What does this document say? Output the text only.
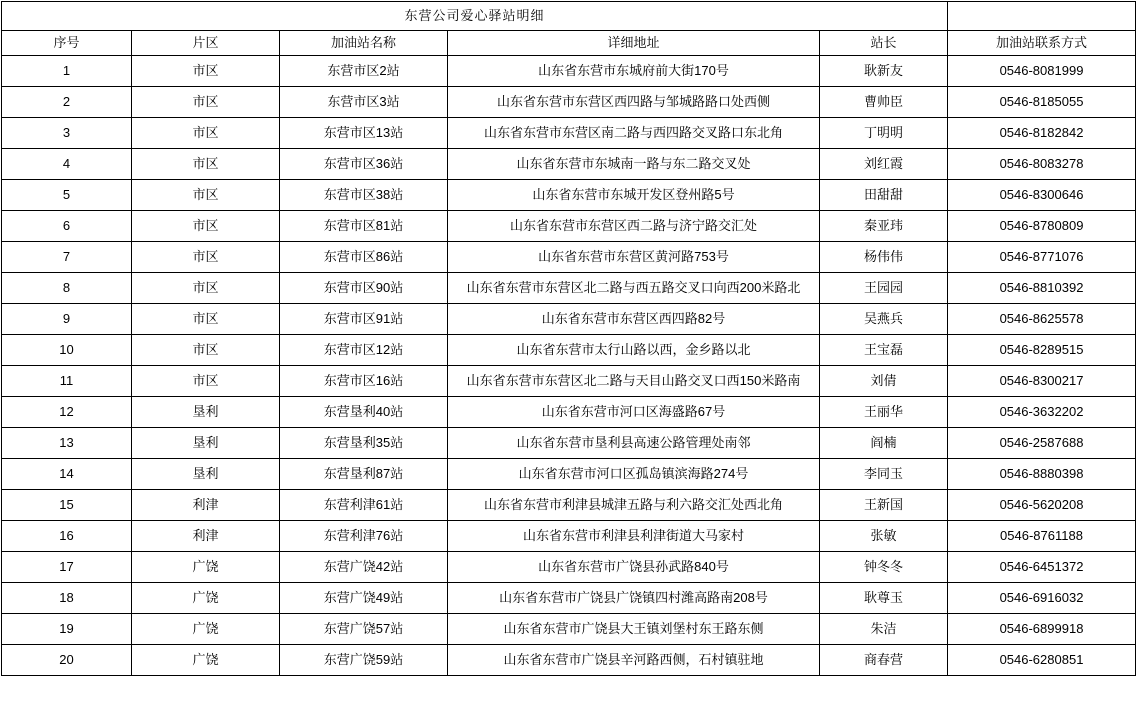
东营公司爱心驿站明细					
序号	片区	加油站名称	详细地址	站长	加油站联系方式
1	市区	东营市区2站	山东省东营市东城府前大街170号	耿新友	0546-8081999
2	市区	东营市区3站	山东省东营市东营区西四路与邹城路路口处西侧	曹帅臣	0546-8185055
3	市区	东营市区13站	山东省东营市东营区南二路与西四路交叉路口东北角	丁明明	0546-8182842
4	市区	东营市区36站	山东省东营市东城南一路与东二路交叉处	刘红霞	0546-8083278
5	市区	东营市区38站	山东省东营市东城开发区登州路5号	田甜甜	0546-8300646
6	市区	东营市区81站	山东省东营市东营区西二路与济宁路交汇处	秦亚玮	0546-8780809
7	市区	东营市区86站	山东省东营市东营区黄河路753号	杨伟伟	0546-8771076
8	市区	东营市区90站	山东省东营市东营区北二路与西五路交叉口向西200米路北	王园园	0546-8810392
9	市区	东营市区91站	山东省东营市东营区西四路82号	吴燕兵	0546-8625578
10	市区	东营市区12站	山东省东营市太行山路以西，金乡路以北	王宝磊	0546-8289515
11	市区	东营市区16站	山东省东营市东营区北二路与天目山路交叉口西150米路南	刘倩	0546-8300217
12	垦利	东营垦利40站	山东省东营市河口区海盛路67号	王丽华	0546-3632202
13	垦利	东营垦利35站	山东省东营市垦利县高速公路管理处南邻	阎楠	0546-2587688
14	垦利	东营垦利87站	山东省东营市河口区孤岛镇滨海路274号	李同玉	0546-8880398
15	利津	东营利津61站	山东省东营市利津县城津五路与利六路交汇处西北角	王新国	0546-5620208
16	利津	东营利津76站	山东省东营市利津县利津街道大马家村	张敏	0546-8761188
17	广饶	东营广饶42站	山东省东营市广饶县孙武路840号	钟冬冬	0546-6451372
18	广饶	东营广饶49站	山东省东营市广饶县广饶镇四村潍高路南208号	耿尊玉	0546-6916032
19	广饶	东营广饶57站	山东省东营市广饶县大王镇刘堡村东王路东侧	朱洁	0546-6899918
20	广饶	东营广饶59站	山东省东营市广饶县辛河路西侧，石村镇驻地	商春营	0546-6280851
